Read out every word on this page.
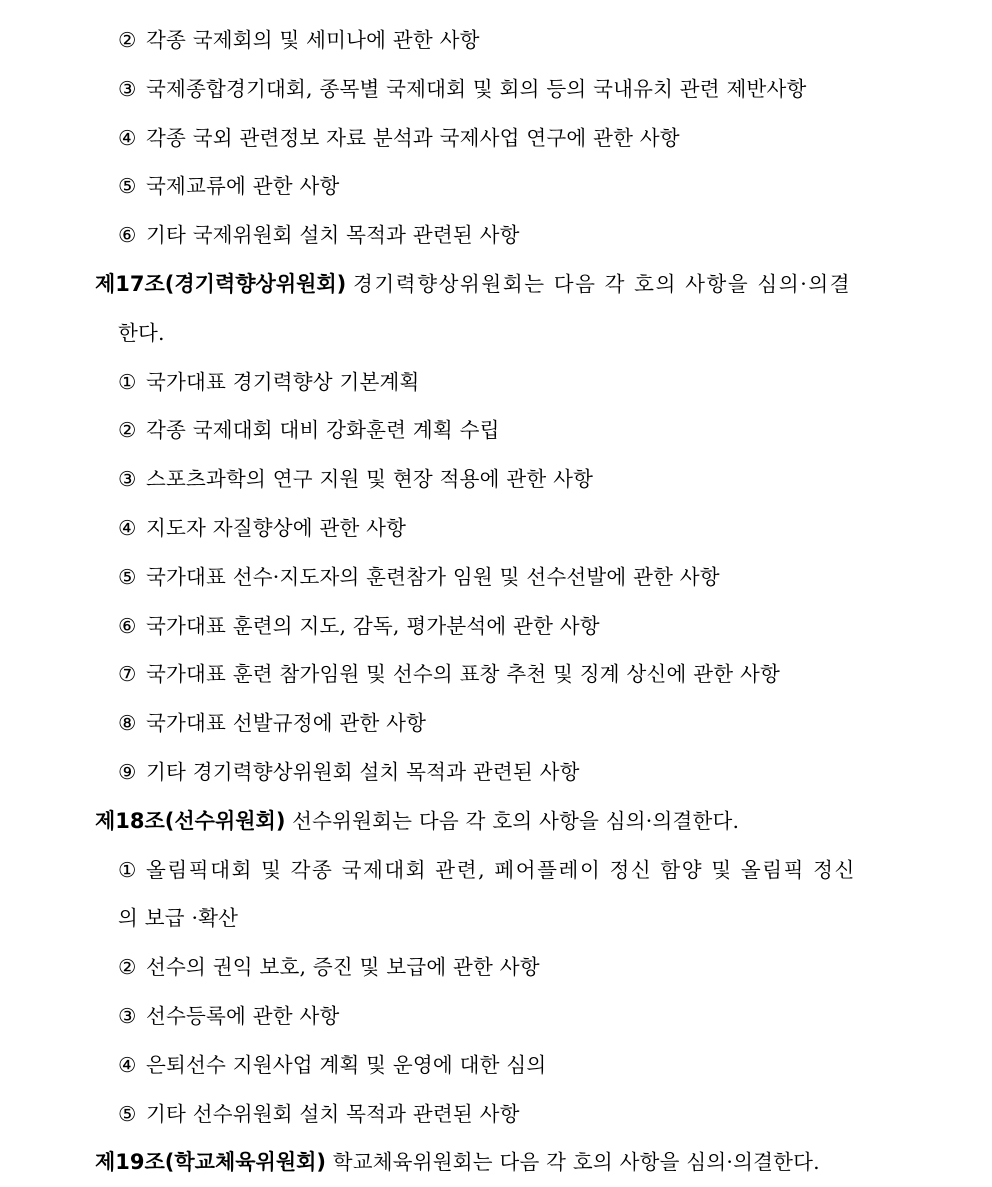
② 각종 국제회의 및 세미나에 관한 사항
③ 국제종합경기대회, 종목별 국제대회 및 회의 등의 국내유치 관련 제반사항
④ 각종 국외 관련정보 자료 분석과 국제사업 연구에 관한 사항
⑤ 국제교류에 관한 사항
⑥ 기타 국제위원회 설치 목적과 관련된 사항
제17조(경기력향상위원회) 경기력향상위원회는 다음 각 호의 사항을 심의·의결
한다.
① 국가대표 경기력향상 기본계획
② 각종 국제대회 대비 강화훈련 계획 수립
③ 스포츠과학의 연구 지원 및 현장 적용에 관한 사항
④ 지도자 자질향상에 관한 사항
⑤ 국가대표 선수·지도자의 훈련참가 임원 및 선수선발에 관한 사항
⑥ 국가대표 훈련의 지도, 감독, 평가분석에 관한 사항
⑦ 국가대표 훈련 참가임원 및 선수의 표창 추천 및 징계 상신에 관한 사항
⑧ 국가대표 선발규정에 관한 사항
⑨ 기타 경기력향상위원회 설치 목적과 관련된 사항
제18조(선수위원회) 선수위원회는 다음 각 호의 사항을 심의·의결한다.
① 올림픽대회 및 각종 국제대회 관련, 페어플레이 정신 함양 및 올림픽 정신
의 보급 ·확산
② 선수의 권익 보호, 증진 및 보급에 관한 사항
③ 선수등록에 관한 사항
④ 은퇴선수 지원사업 계획 및 운영에 대한 심의
⑤ 기타 선수위원회 설치 목적과 관련된 사항
제19조(학교체육위원회) 학교체육위원회는 다음 각 호의 사항을 심의·의결한다.
